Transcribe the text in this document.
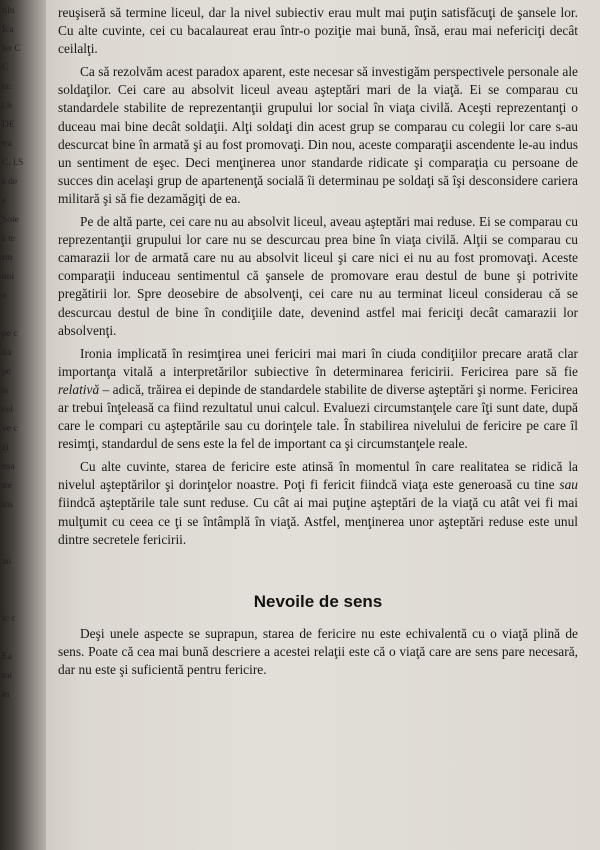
tiln
Ica
ler C
C
ta:
t.b
DE
tra
C. l.S
s de
e
Sole
s te
rm
uni
a
pe c
ita
pe
is
cel
ve c
zi
nsa
tre
ins
an
ic c
Ea
ini
in

reuşiseră să termine liceul, dar la nivel subiectiv erau mult mai puţin satisfăcuţi de şansele lor. Cu alte cuvinte, cei cu bacalaureat erau într-o poziţie mai bună, însă, erau mai nefericiţi decât ceilalţi.

Ca să rezolvăm acest paradox aparent, este necesar să investigăm perspectivele personale ale soldaţilor. Cei care au absolvit liceul aveau aşteptări mari de la viaţă. Ei se comparau cu standardele stabilite de reprezentanţii grupului lor social în viaţa civilă. Aceşti reprezentanţi o duceau mai bine decât soldaţii. Alţi soldaţi din acest grup se comparau cu colegii lor care s-au descurcat bine în armată şi au fost promovaţi. Din nou, aceste comparaţii ascendente le-au indus un sentiment de eşec. Deci menţinerea unor standarde ridicate şi comparaţia cu persoane de succes din acelaşi grup de apartenenţă socială îi determinau pe soldaţi să îşi desconsidere cariera militară şi să fie dezamăgiţi de ea.

Pe de altă parte, cei care nu au absolvit liceul, aveau aşteptări mai reduse. Ei se comparau cu reprezentanţii grupului lor care nu se descurcau prea bine în viaţa civilă. Alţii se comparau cu camarazii lor de armată care nu au absolvit liceul şi care nici ei nu au fost promovaţi. Aceste comparaţii induceau sentimentul că şansele de promovare erau destul de bune şi potrivite pregătirii lor. Spre deosebire de absolvenţi, cei care nu au terminat liceul considerau că se descurcau destul de bine în condiţiile date, devenind astfel mai fericiţi decât camarazii lor absolvenţi.

Ironia implicată în resimţirea unei fericiri mai mari în ciuda condiţiilor precare arată clar importanţa vitală a interpretărilor subiective în determinarea fericirii. Fericirea pare să fie relativă – adică, trăirea ei depinde de standardele stabilite de diverse aşteptări şi norme. Fericirea ar trebui înţeleasă ca fiind rezultatul unui calcul. Evaluezi circumstanţele care îţi sunt date, după care le compari cu aşteptările sau cu dorinţele tale. În stabilirea nivelului de fericire pe care îl resimţi, standardul de sens este la fel de important ca şi circumstanţele reale.

Cu alte cuvinte, starea de fericire este atinsă în momentul în care realitatea se ridică la nivelul aşteptărilor şi dorinţelor noastre. Poţi fi fericit fiindcă viaţa este generoasă cu tine sau fiindcă aşteptările tale sunt reduse. Cu cât ai mai puţine aşteptări de la viaţă cu atât vei fi mai mulţumit cu ceea ce ţi se întâmplă în viaţă. Astfel, menţinerea unor aşteptări reduse este unul dintre secretele fericirii.

Nevoile de sens

Deşi unele aspecte se suprapun, starea de fericire nu este echivalentă cu o viaţă plină de sens. Poate că cea mai bună descriere a acestei relaţii este că o viaţă care are sens pare necesară, dar nu este şi suficientă pentru fericire.
